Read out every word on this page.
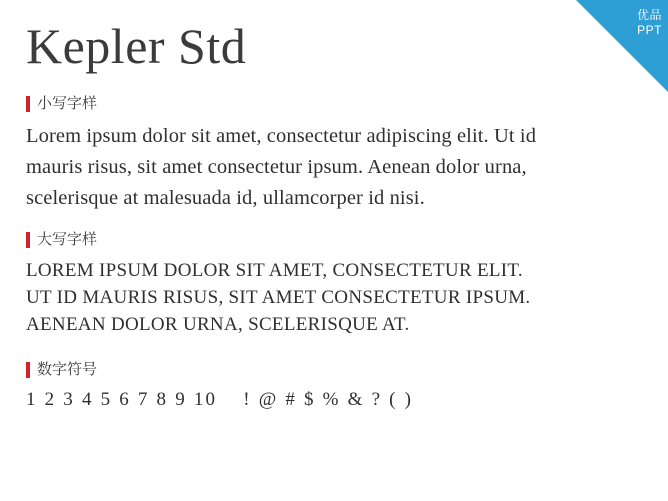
优品
PPT
Kepler Std
小写字样
Lorem ipsum dolor sit amet, consectetur adipiscing elit. Ut id
mauris risus, sit amet consectetur ipsum. Aenean dolor urna,
scelerisque at malesuada id, ullamcorper id nisi.
大写字样
LOREM IPSUM DOLOR SIT AMET, CONSECTETUR ELIT.
UT ID MAURIS RISUS, SIT AMET CONSECTETUR IPSUM.
AENEAN DOLOR URNA, SCELERISQUE AT.
数字符号
1 2 3 4 5 6 7 8 9 10 ! @ # $ % & ? ( )
